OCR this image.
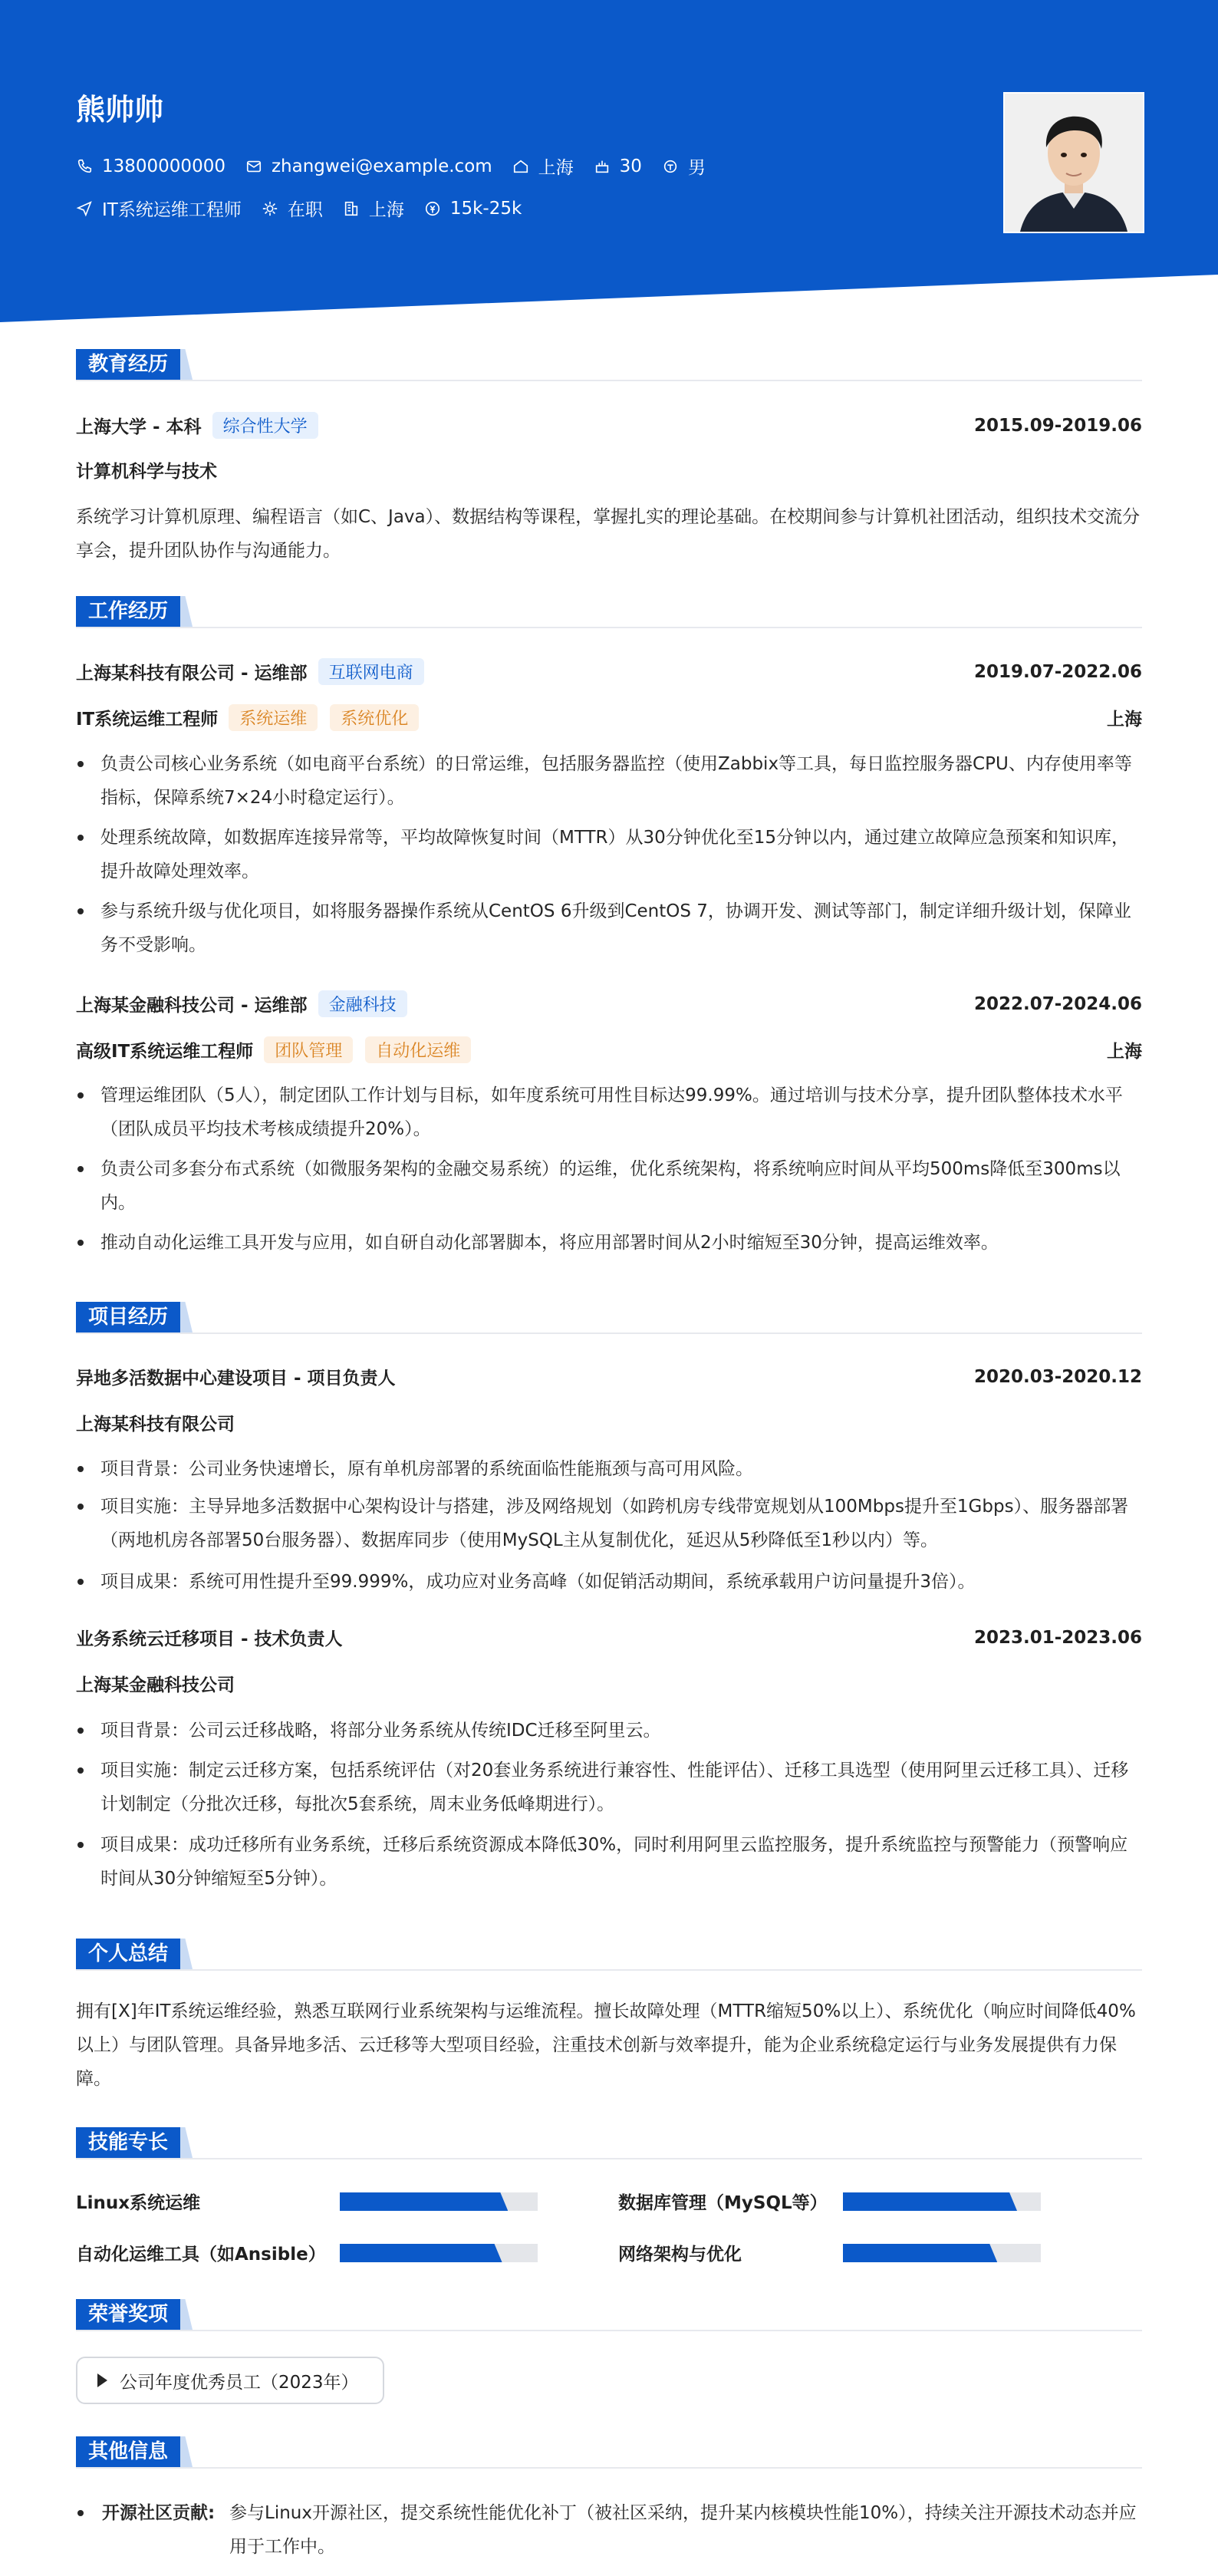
熊帅帅
13800000000	zhangwei@example.com	上海	30	男
IT系统运维工程师	在职	上海	15k-25k
教育经历
上海大学 - 本科	综合性大学	2015.09-2019.06
计算机科学与技术
系统学习计算机原理、编程语言（如C、Java）、数据结构等课程，掌握扎实的理论基础。在校期间参与计算机社团活动，组织技术交流分享会，提升团队协作与沟通能力。
工作经历
上海某科技有限公司 - 运维部	互联网电商	2019.07-2022.06
IT系统运维工程师	系统运维	系统优化	上海
负责公司核心业务系统（如电商平台系统）的日常运维，包括服务器监控（使用Zabbix等工具，每日监控服务器CPU、内存使用率等指标，保障系统7×24小时稳定运行）。
处理系统故障，如数据库连接异常等，平均故障恢复时间（MTTR）从30分钟优化至15分钟以内，通过建立故障应急预案和知识库，提升故障处理效率。
参与系统升级与优化项目，如将服务器操作系统从CentOS 6升级到CentOS 7，协调开发、测试等部门，制定详细升级计划，保障业务不受影响。
上海某金融科技公司 - 运维部	金融科技	2022.07-2024.06
高级IT系统运维工程师	团队管理	自动化运维	上海
管理运维团队（5人），制定团队工作计划与目标，如年度系统可用性目标达99.99%。通过培训与技术分享，提升团队整体技术水平（团队成员平均技术考核成绩提升20%）。
负责公司多套分布式系统（如微服务架构的金融交易系统）的运维，优化系统架构，将系统响应时间从平均500ms降低至300ms以内。
推动自动化运维工具开发与应用，如自研自动化部署脚本，将应用部署时间从2小时缩短至30分钟，提高运维效率。
项目经历
异地多活数据中心建设项目 - 项目负责人	2020.03-2020.12
上海某科技有限公司
项目背景：公司业务快速增长，原有单机房部署的系统面临性能瓶颈与高可用风险。
项目实施：主导异地多活数据中心架构设计与搭建，涉及网络规划（如跨机房专线带宽规划从100Mbps提升至1Gbps）、服务器部署（两地机房各部署50台服务器）、数据库同步（使用MySQL主从复制优化，延迟从5秒降低至1秒以内）等。
项目成果：系统可用性提升至99.999%，成功应对业务高峰（如促销活动期间，系统承载用户访问量提升3倍）。
业务系统云迁移项目 - 技术负责人	2023.01-2023.06
上海某金融科技公司
项目背景：公司云迁移战略，将部分业务系统从传统IDC迁移至阿里云。
项目实施：制定云迁移方案，包括系统评估（对20套业务系统进行兼容性、性能评估）、迁移工具选型（使用阿里云迁移工具）、迁移计划制定（分批次迁移，每批次5套系统，周末业务低峰期进行）。
项目成果：成功迁移所有业务系统，迁移后系统资源成本降低30%，同时利用阿里云监控服务，提升系统监控与预警能力（预警响应时间从30分钟缩短至5分钟）。
个人总结
拥有[X]年IT系统运维经验，熟悉互联网行业系统架构与运维流程。擅长故障处理（MTTR缩短50%以上）、系统优化（响应时间降低40%以上）与团队管理。具备异地多活、云迁移等大型项目经验，注重技术创新与效率提升，能为企业系统稳定运行与业务发展提供有力保障。
技能专长
Linux系统运维	数据库管理（MySQL等）
自动化运维工具（如Ansible）	网络架构与优化
荣誉奖项
公司年度优秀员工（2023年）
其他信息
开源社区贡献: 参与Linux开源社区，提交系统性能优化补丁（被社区采纳，提升某内核模块性能10%），持续关注开源技术动态并应用于工作中。
